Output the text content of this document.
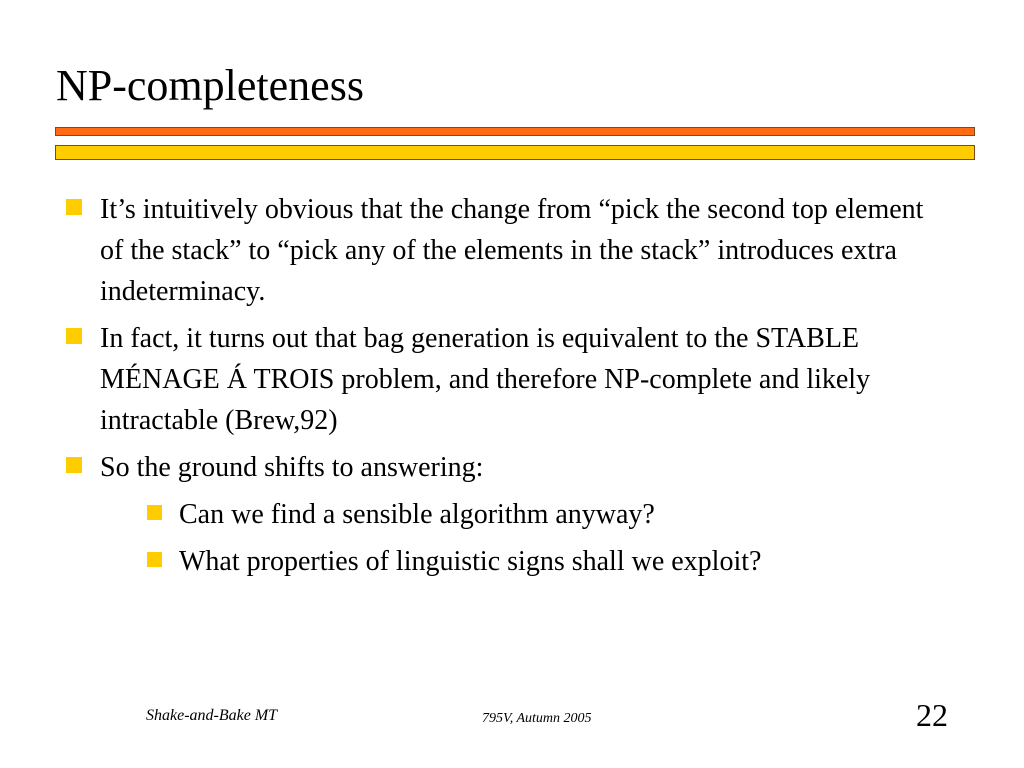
NP-completeness
It’s intuitively obvious that the change from “pick the second top element of the stack” to “pick any of the elements in the stack” introduces extra indeterminacy.
In fact, it turns out that bag generation is equivalent to the STABLE MÉNAGE Á TROIS problem, and therefore NP-complete and likely intractable (Brew,92)
So the ground shifts to answering:
Can we find a sensible algorithm anyway?
What properties of linguistic signs shall we exploit?
Shake-and-Bake MT	795V, Autumn 2005	22
